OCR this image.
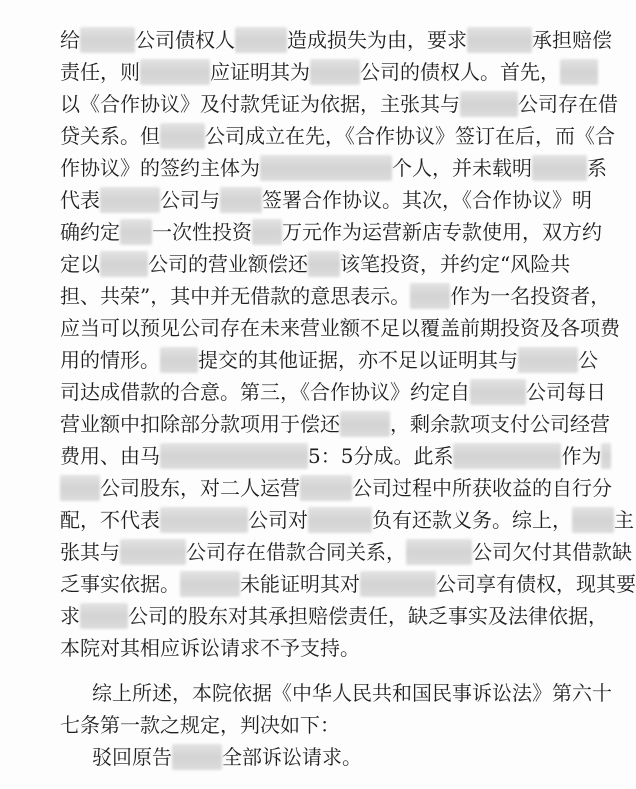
给	公司债权人	造成损失为由，要求	承担赔偿
责任，则	应证明其为	公司的债权人。首先，
以《合作协议》及付款凭证为依据，主张其与	公司存在借
贷关系。但 公司成立在先，《合作协议》签订在后，而《合
作协议》的签约主体为	个人，并未载明	系
代表	公司与 签署合作协议。其次，《合作协议》明
确约定 一次性投资 万元作为运营新店专款使用，双方约
定以 公司的营业额偿还 该笔投资，并约定“风险共
担、共荣”，其中并无借款的意思表示。 作为一名投资者，
应当可以预见公司存在未来营业额不足以覆盖前期投资及各项费
用的情形。 提交的其他证据，亦不足以证明其与	公
司达成借款的合意。第三，《合作协议》约定自	公司每日
营业额中扣除部分款项用于偿还	，剩余款项支付公司经营
费用、由马	5：5分成。此系	作为
公司股东，对二人运营	公司过程中所获收益的自行分
配，不代表	公司对	负有还款义务。综上， 主
张其与	公司存在借款合同关系，	公司欠付其借款缺
乏事实依据。	未能证明其对	公司享有债权，现其要
求 公司的股东对其承担赔偿责任，缺乏事实及法律依据，
本院对其相应诉讼请求不予支持。
综上所述，本院依据《中华人民共和国民事诉讼法》第六十
七条第一款之规定，判决如下：
驳回原告	全部诉讼请求。
